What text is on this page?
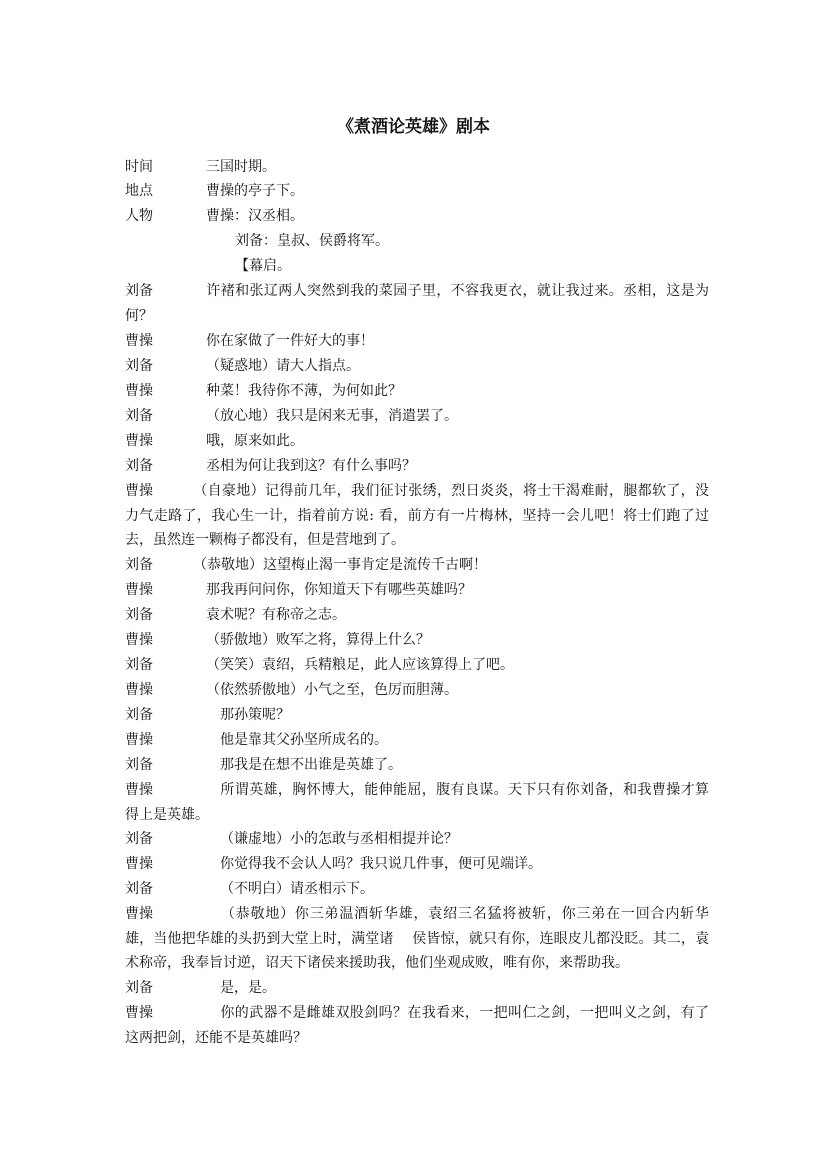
《煮酒论英雄》剧本
时间	三国时期。
地点	曹操的亭子下。
人物	曹操：汉丞相。
刘备：皇叔、侯爵将军。
【幕启。
刘备	许褚和张辽两人突然到我的菜园子里，不容我更衣，就让我过来。丞相，这是为何？
曹操	你在家做了一件好大的事！
刘备	（疑惑地）请大人指点。
曹操	种菜！我待你不薄，为何如此？
刘备	（放心地）我只是闲来无事，消遣罢了。
曹操	哦，原来如此。
刘备	丞相为何让我到这？有什么事吗？
曹操	（自豪地）记得前几年，我们征讨张绣，烈日炎炎，将士干渴难耐，腿都软了，没力气走路了，我心生一计，指着前方说: 看，前方有一片梅林，坚持一会儿吧！将士们跑了过去，虽然连一颗梅子都没有，但是营地到了。
刘备	（恭敬地）这望梅止渴一事肯定是流传千古啊！
曹操	那我再问问你，你知道天下有哪些英雄吗？
刘备	袁术呢？有称帝之志。
曹操	（骄傲地）败军之将，算得上什么？
刘备	（笑笑）袁绍，兵精粮足，此人应该算得上了吧。
曹操	（依然骄傲地）小气之至，色厉而胆薄。
刘备	那孙策呢？
曹操	他是靠其父孙坚所成名的。
刘备	那我是在想不出谁是英雄了。
曹操	所谓英雄，胸怀博大，能伸能屈，腹有良谋。天下只有你刘备，和我曹操才算得上是英雄。
刘备	（谦虚地）小的怎敢与丞相相提并论？
曹操	你觉得我不会认人吗？我只说几件事，便可见端详。
刘备	（不明白）请丞相示下。
曹操	（恭敬地）你三弟温酒斩华雄，袁绍三名猛将被斩，你三弟在一回合内斩华雄，当他把华雄的头扔到大堂上时，满堂诸　 侯皆惊，就只有你，连眼皮儿都没眨。其二，袁术称帝，我奉旨讨逆，诏天下诸侯来援助我，他们坐观成败，唯有你，来帮助我。
刘备	是，是。
曹操	你的武器不是雌雄双股剑吗？在我看来，一把叫仁之剑，一把叫义之剑，有了这两把剑，还能不是英雄吗？
